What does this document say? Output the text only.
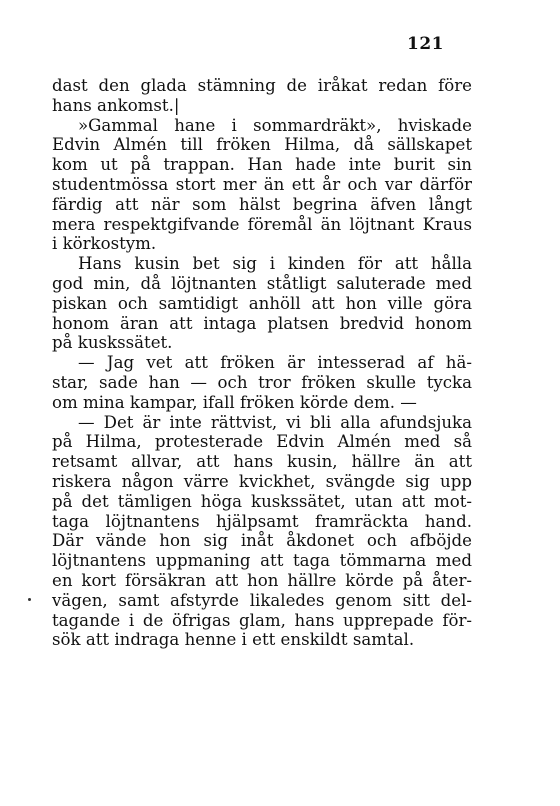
121
dast den glada stämning de iråkat redan före
hans ankomst.|
»Gammal hane i sommardräkt», hviskade
Edvin Almén till fröken Hilma, då sällskapet
kom ut på trappan. Han hade inte burit sin
studentmössa stort mer än ett år och var därför
färdig att när som hälst begrina äfven långt
mera respektgifvande föremål än löjtnant Kraus
i körkostym.
Hans kusin bet sig i kinden för att hålla
god min, då löjtnanten ståtligt saluterade med
piskan och samtidigt anhöll att hon ville göra
honom äran att intaga platsen bredvid honom
på kuskssätet.
— Jag vet att fröken är intesserad af hä-
star, sade han — och tror fröken skulle tycka
om mina kampar, ifall fröken körde dem. —
— Det är inte rättvist, vi bli alla afundsjuka
på Hilma, protesterade Edvin Almén med så
retsamt allvar, att hans kusin, hällre än att
riskera någon värre kvickhet, svängde sig upp
på det tämligen höga kuskssätet, utan att mot-
taga löjtnantens hjälpsamt framräckta hand.
Där vände hon sig inåt åkdonet och afböjde
löjtnantens uppmaning att taga tömmarna med
en kort försäkran att hon hällre körde på åter-
vägen, samt afstyrde likaledes genom sitt del-
tagande i de öfrigas glam, hans upprepade för-
sök att indraga henne i ett enskildt samtal.
